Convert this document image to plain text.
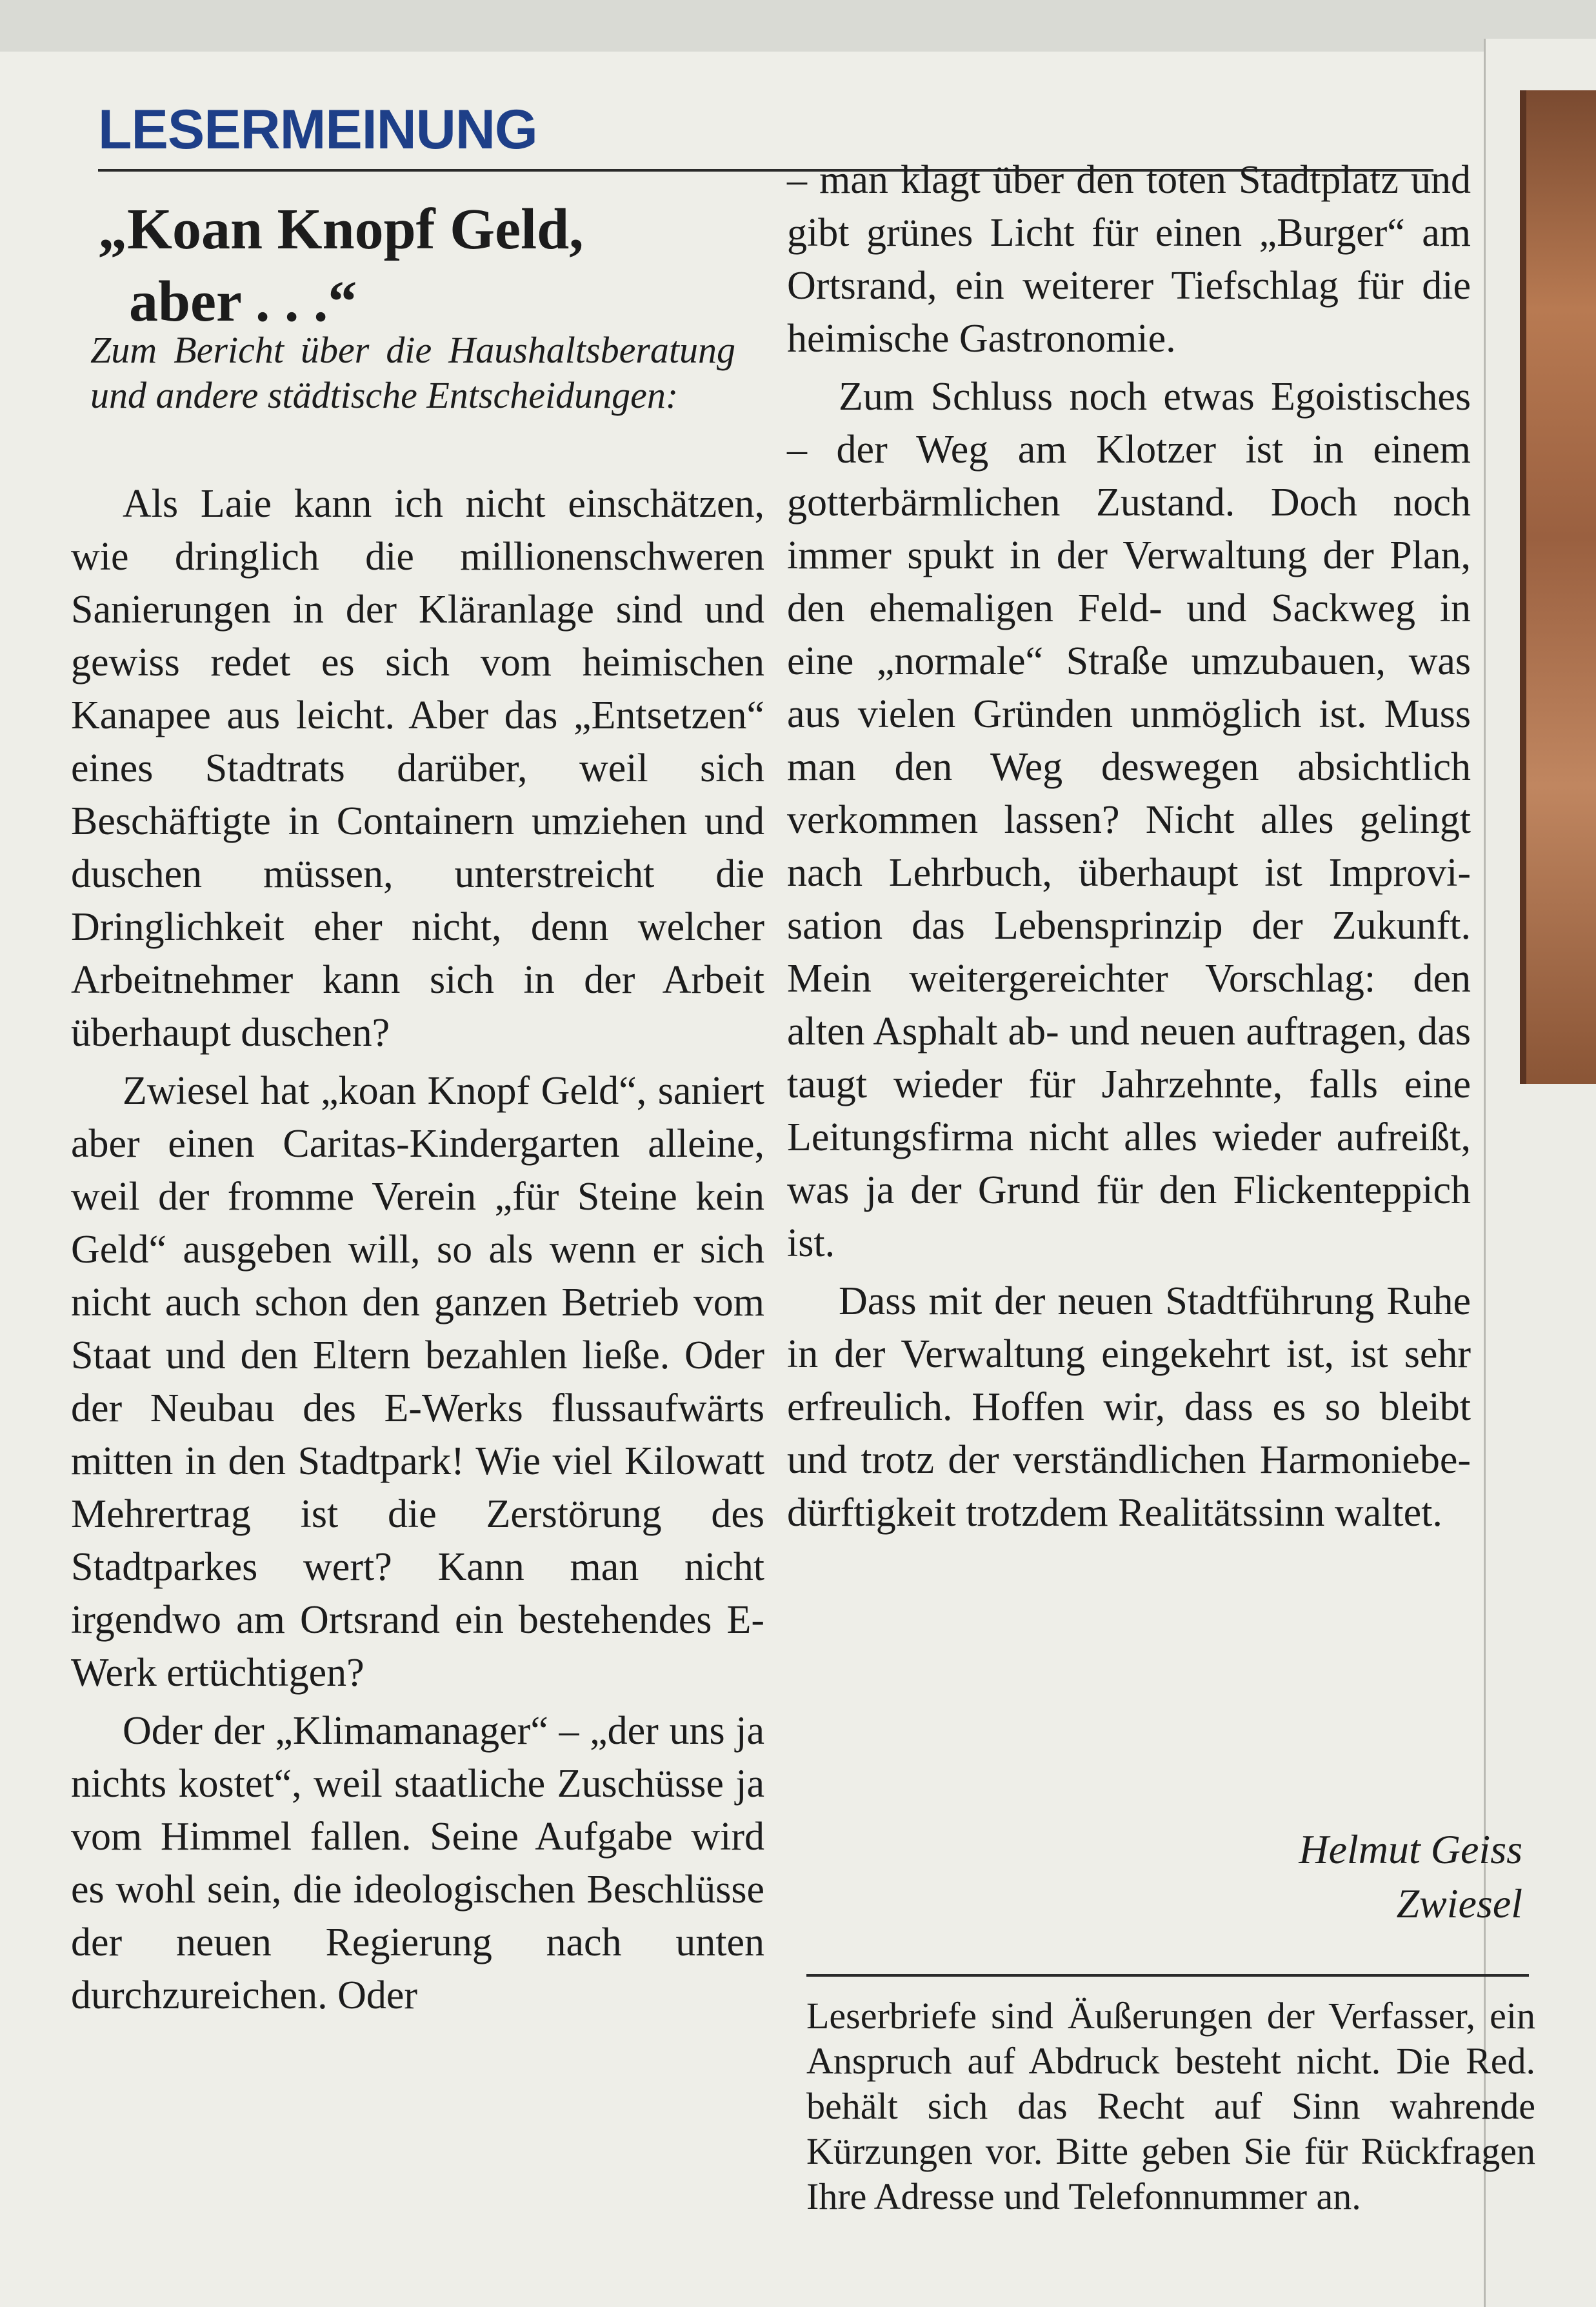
LESERMEINUNG
„Koan Knopf Geld,
aber . . .“

Zum Bericht über die Haushaltsberatung und andere städtische Entscheidungen:

Als Laie kann ich nicht einschätzen, wie dringlich die millionenschweren Sanierungen in der Kläranlage sind und gewiss redet es sich vom heimischen Kanapee aus leicht. Aber das „Entsetzen“ eines Stadtrats darüber, weil sich Beschäftigte in Containern umziehen und duschen müssen, unterstreicht die Dringlichkeit eher nicht, denn welcher Arbeitnehmer kann sich in der Arbeit überhaupt duschen?

Zwiesel hat „koan Knopf Geld“, saniert aber einen Caritas-Kindergarten alleine, weil der fromme Verein „für Steine kein Geld“ ausgeben will, so als wenn er sich nicht auch schon den ganzen Betrieb vom Staat und den Eltern bezahlen ließe. Oder der Neubau des E-Werks flussaufwärts mitten in den Stadtpark! Wie viel Kilowatt Mehrertrag ist die Zerstörung des Stadtparkes wert? Kann man nicht irgendwo am Ortsrand ein bestehendes E-Werk ertüchtigen?

Oder der „Klimamanager“ – „der uns ja nichts kostet“, weil staatliche Zuschüsse ja vom Himmel fallen. Seine Aufgabe wird es wohl sein, die ideologischen Beschlüsse der neuen Regierung nach unten durchzureichen. Oder

– man klagt über den toten Stadtplatz und gibt grünes Licht für einen „Burger“ am Ortsrand, ein weiterer Tiefschlag für die heimische Gastronomie.

Zum Schluss noch etwas Egoistisches – der Weg am Klotzer ist in einem gotterbärmlichen Zustand. Doch noch immer spukt in der Verwaltung der Plan, den ehemaligen Feld- und Sackweg in eine „normale“ Straße umzubauen, was aus vielen Gründen unmöglich ist. Muss man den Weg deswegen absichtlich verkommen lassen? Nicht alles gelingt nach Lehrbuch, überhaupt ist Improvisation das Lebensprinzip der Zukunft. Mein weitergereichter Vorschlag: den alten Asphalt ab- und neuen auftragen, das taugt wieder für Jahrzehnte, falls eine Leitungsfirma nicht alles wieder aufreißt, was ja der Grund für den Flickenteppich ist.

Dass mit der neuen Stadtführung Ruhe in der Verwaltung eingekehrt ist, ist sehr erfreulich. Hoffen wir, dass es so bleibt und trotz der verständlichen Harmoniebedürftigkeit trotzdem Realitätssinn waltet.

Helmut Geiss
Zwiesel

Leserbriefe sind Äußerungen der Verfasser, ein Anspruch auf Abdruck besteht nicht. Die Red. behält sich das Recht auf Sinn wahrende Kürzungen vor. Bitte geben Sie für Rückfragen Ihre Adresse und Telefonnummer an.
